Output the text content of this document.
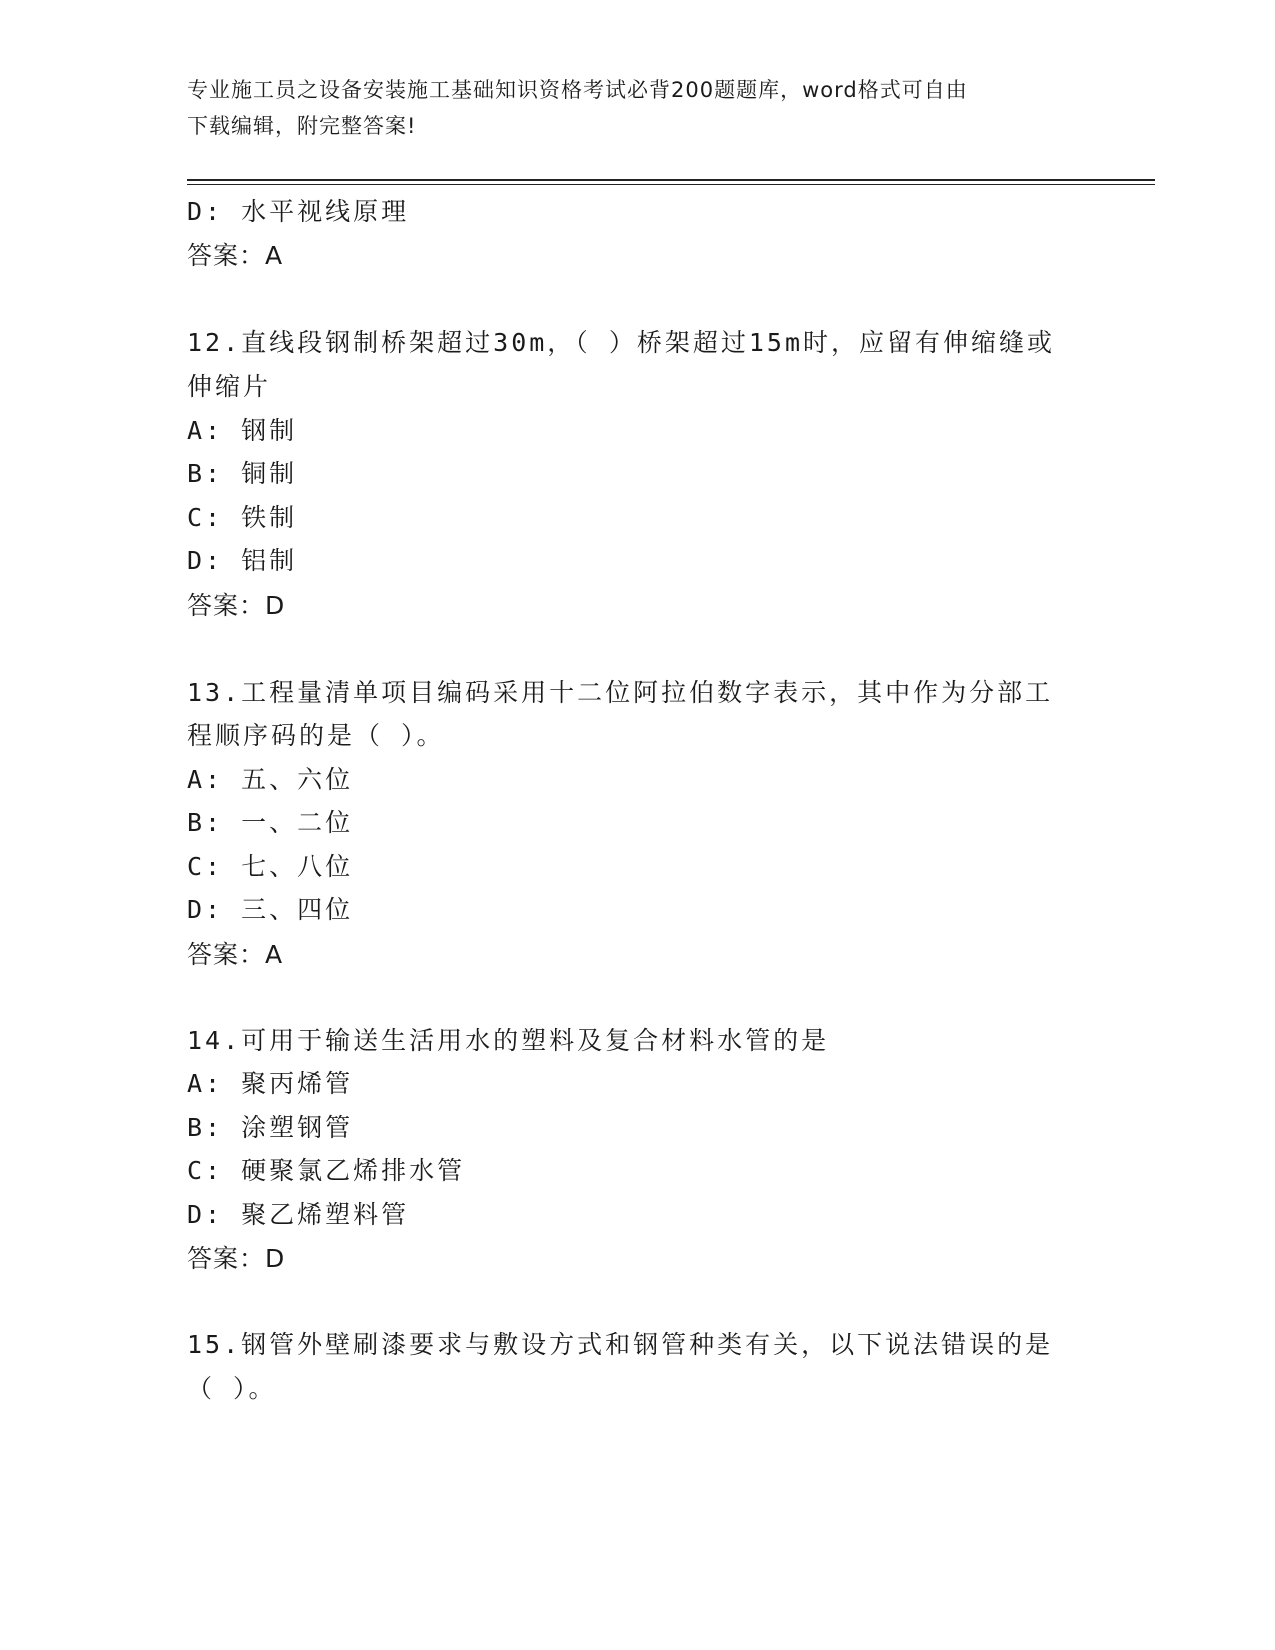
专业施工员之设备安装施工基础知识资格考试必背200题题库，word格式可自由
下载编辑，附完整答案!
D: 水平视线原理
答案：A
12.直线段钢制桥架超过30m，（ ）桥架超过15m时，应留有伸缩缝或
伸缩片
A: 钢制
B: 铜制
C: 铁制
D: 铝制
答案：D
13.工程量清单项目编码采用十二位阿拉伯数字表示，其中作为分部工
程顺序码的是（ ）。
A: 五、六位
B: 一、二位
C: 七、八位
D: 三、四位
答案：A
14.可用于输送生活用水的塑料及复合材料水管的是
A: 聚丙烯管
B: 涂塑钢管
C: 硬聚氯乙烯排水管
D: 聚乙烯塑料管
答案：D
15.钢管外壁刷漆要求与敷设方式和钢管种类有关，以下说法错误的是
（ ）。
